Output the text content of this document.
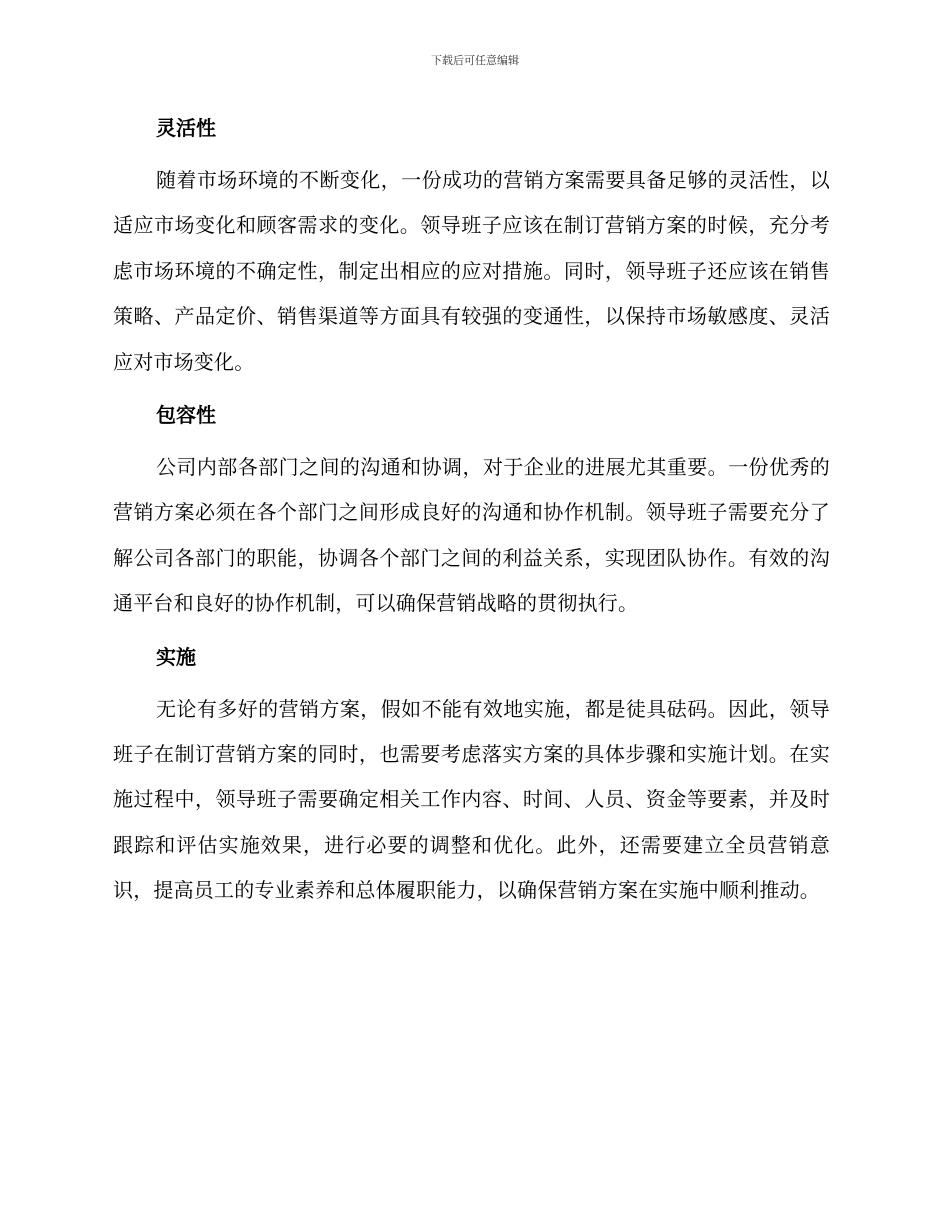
下载后可任意编辑
灵活性

随着市场环境的不断变化，一份成功的营销方案需要具备足够的灵活性，以适应市场变化和顾客需求的变化。领导班子应该在制订营销方案的时候，充分考虑市场环境的不确定性，制定出相应的应对措施。同时，领导班子还应该在销售策略、产品定价、销售渠道等方面具有较强的变通性，以保持市场敏感度、灵活应对市场变化。

包容性

公司内部各部门之间的沟通和协调，对于企业的进展尤其重要。一份优秀的营销方案必须在各个部门之间形成良好的沟通和协作机制。领导班子需要充分了解公司各部门的职能，协调各个部门之间的利益关系，实现团队协作。有效的沟通平台和良好的协作机制，可以确保营销战略的贯彻执行。

实施

无论有多好的营销方案，假如不能有效地实施，都是徒具砝码。因此，领导班子在制订营销方案的同时，也需要考虑落实方案的具体步骤和实施计划。在实施过程中，领导班子需要确定相关工作内容、时间、人员、资金等要素，并及时跟踪和评估实施效果，进行必要的调整和优化。此外，还需要建立全员营销意识，提高员工的专业素养和总体履职能力，以确保营销方案在实施中顺利推动。
